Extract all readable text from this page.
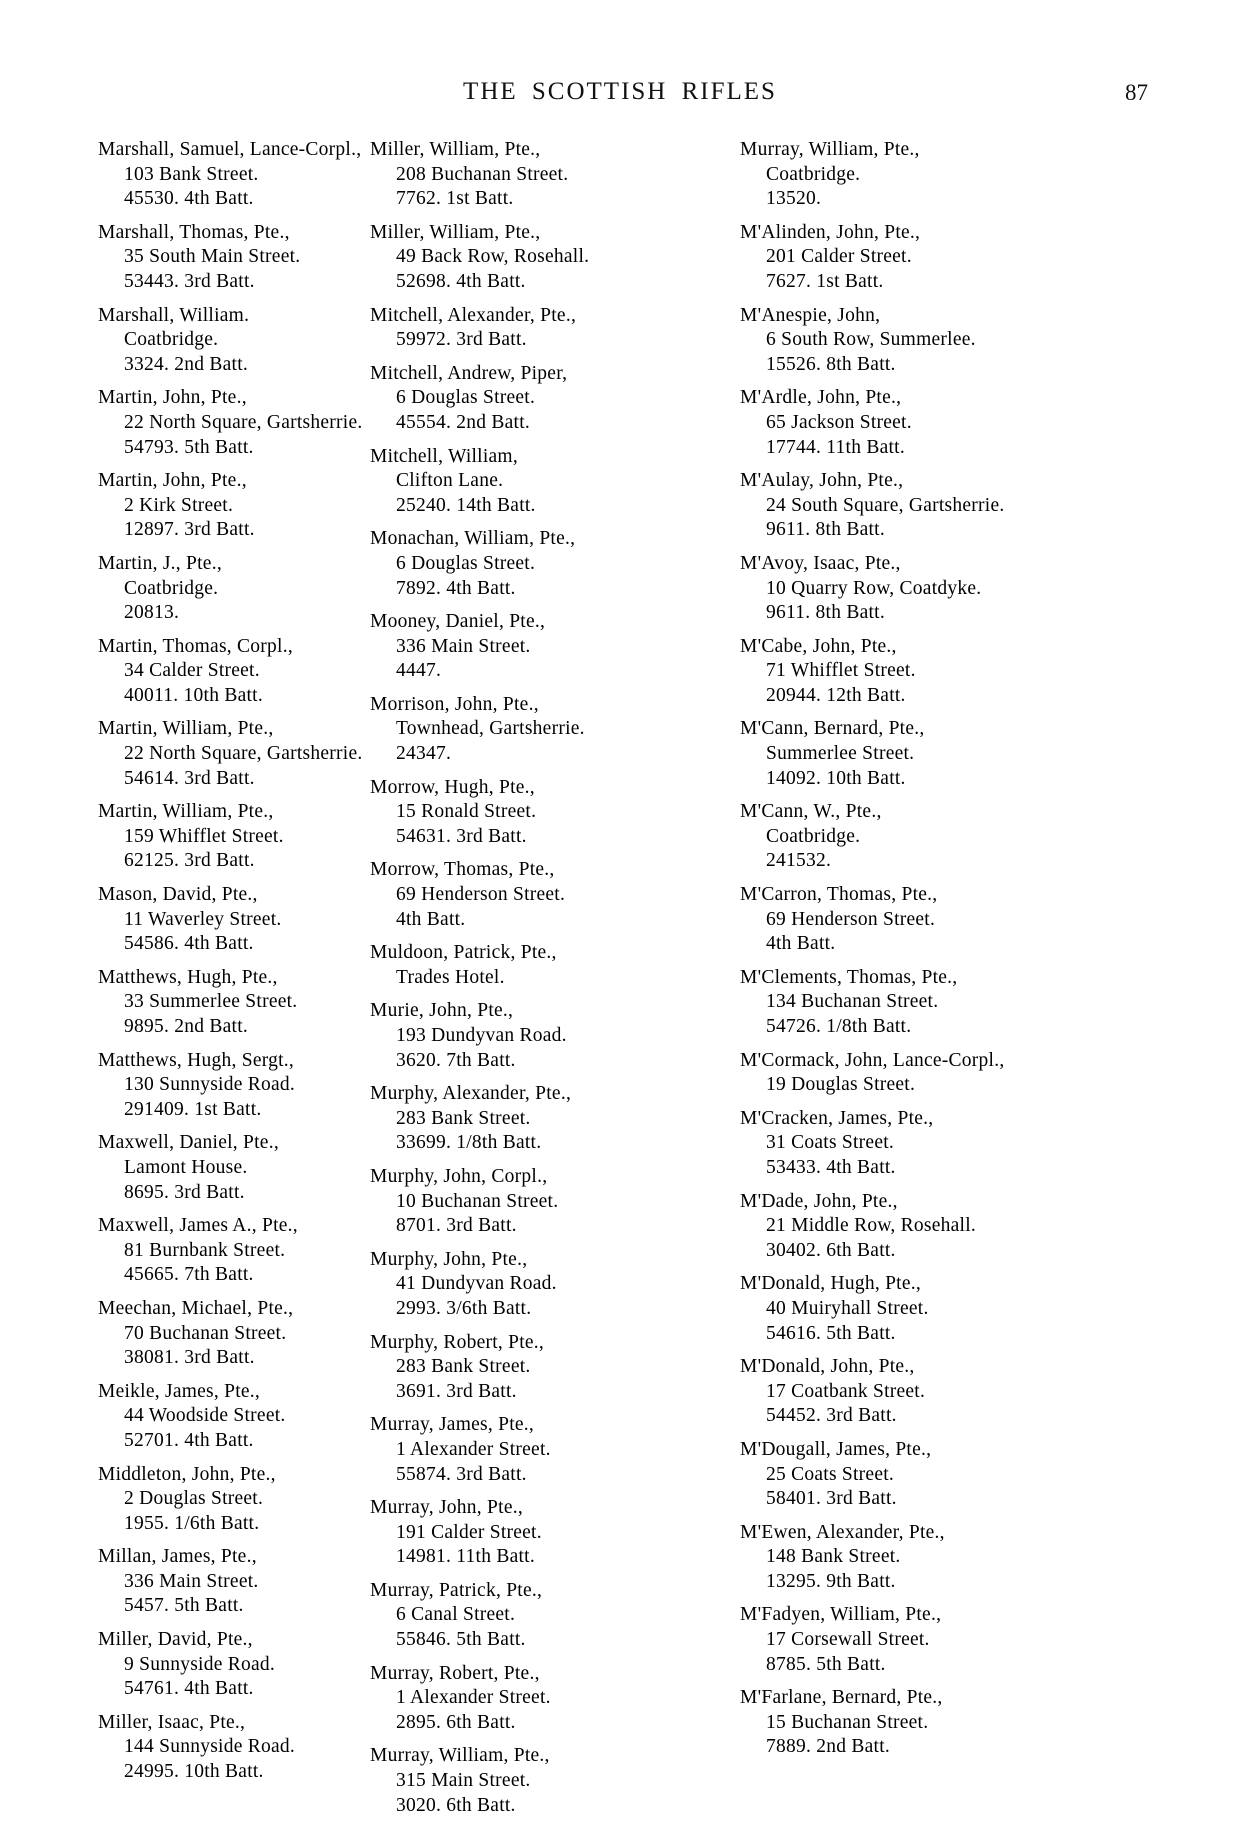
THE SCOTTISH RIFLES	87
Marshall, Samuel, Lance-Corpl.,
103 Bank Street.
45530. 4th Batt.
Marshall, Thomas, Pte.,
35 South Main Street.
53443. 3rd Batt.
Marshall, William.
Coatbridge.
3324. 2nd Batt.
Martin, John, Pte.,
22 North Square, Gartsherrie.
54793. 5th Batt.
Martin, John, Pte.,
2 Kirk Street.
12897. 3rd Batt.
Martin, J., Pte.,
Coatbridge.
20813.
Martin, Thomas, Corpl.,
34 Calder Street.
40011. 10th Batt.
Martin, William, Pte.,
22 North Square, Gartsherrie.
54614. 3rd Batt.
Martin, William, Pte.,
159 Whifflet Street.
62125. 3rd Batt.
Mason, David, Pte.,
11 Waverley Street.
54586. 4th Batt.
Matthews, Hugh, Pte.,
33 Summerlee Street.
9895. 2nd Batt.
Matthews, Hugh, Sergt.,
130 Sunnyside Road.
291409. 1st Batt.
Maxwell, Daniel, Pte.,
Lamont House.
8695. 3rd Batt.
Maxwell, James A., Pte.,
81 Burnbank Street.
45665. 7th Batt.
Meechan, Michael, Pte.,
70 Buchanan Street.
38081. 3rd Batt.
Meikle, James, Pte.,
44 Woodside Street.
52701. 4th Batt.
Middleton, John, Pte.,
2 Douglas Street.
1955. 1/6th Batt.
Millan, James, Pte.,
336 Main Street.
5457. 5th Batt.
Miller, David, Pte.,
9 Sunnyside Road.
54761. 4th Batt.
Miller, Isaac, Pte.,
144 Sunnyside Road.
24995. 10th Batt.
Miller, William, Pte.,
208 Buchanan Street.
7762. 1st Batt.
Miller, William, Pte.,
49 Back Row, Rosehall.
52698. 4th Batt.
Mitchell, Alexander, Pte.,
59972. 3rd Batt.
Mitchell, Andrew, Piper,
6 Douglas Street.
45554. 2nd Batt.
Mitchell, William,
Clifton Lane.
25240. 14th Batt.
Monachan, William, Pte.,
6 Douglas Street.
7892. 4th Batt.
Mooney, Daniel, Pte.,
336 Main Street.
4447.
Morrison, John, Pte.,
Townhead, Gartsherrie.
24347.
Morrow, Hugh, Pte.,
15 Ronald Street.
54631. 3rd Batt.
Morrow, Thomas, Pte.,
69 Henderson Street.
4th Batt.
Muldoon, Patrick, Pte.,
Trades Hotel.
Murie, John, Pte.,
193 Dundyvan Road.
3620. 7th Batt.
Murphy, Alexander, Pte.,
283 Bank Street.
33699. 1/8th Batt.
Murphy, John, Corpl.,
10 Buchanan Street.
8701. 3rd Batt.
Murphy, John, Pte.,
41 Dundyvan Road.
2993. 3/6th Batt.
Murphy, Robert, Pte.,
283 Bank Street.
3691. 3rd Batt.
Murray, James, Pte.,
1 Alexander Street.
55874. 3rd Batt.
Murray, John, Pte.,
191 Calder Street.
14981. 11th Batt.
Murray, Patrick, Pte.,
6 Canal Street.
55846. 5th Batt.
Murray, Robert, Pte.,
1 Alexander Street.
2895. 6th Batt.
Murray, William, Pte.,
315 Main Street.
3020. 6th Batt.
Murray, William, Pte.,
Coatbridge.
13520.
M'Alinden, John, Pte.,
201 Calder Street.
7627. 1st Batt.
M'Anespie, John,
6 South Row, Summerlee.
15526. 8th Batt.
M'Ardle, John, Pte.,
65 Jackson Street.
17744. 11th Batt.
M'Aulay, John, Pte.,
24 South Square, Gartsherrie.
9611. 8th Batt.
M'Avoy, Isaac, Pte.,
10 Quarry Row, Coatdyke.
9611. 8th Batt.
M'Cabe, John, Pte.,
71 Whifflet Street.
20944. 12th Batt.
M'Cann, Bernard, Pte.,
Summerlee Street.
14092. 10th Batt.
M'Cann, W., Pte.,
Coatbridge.
241532.
M'Carron, Thomas, Pte.,
69 Henderson Street.
4th Batt.
M'Clements, Thomas, Pte.,
134 Buchanan Street.
54726. 1/8th Batt.
M'Cormack, John, Lance-Corpl.,
19 Douglas Street.
M'Cracken, James, Pte.,
31 Coats Street.
53433. 4th Batt.
M'Dade, John, Pte.,
21 Middle Row, Rosehall.
30402. 6th Batt.
M'Donald, Hugh, Pte.,
40 Muiryhall Street.
54616. 5th Batt.
M'Donald, John, Pte.,
17 Coatbank Street.
54452. 3rd Batt.
M'Dougall, James, Pte.,
25 Coats Street.
58401. 3rd Batt.
M'Ewen, Alexander, Pte.,
148 Bank Street.
13295. 9th Batt.
M'Fadyen, William, Pte.,
17 Corsewall Street.
8785. 5th Batt.
M'Farlane, Bernard, Pte.,
15 Buchanan Street.
7889. 2nd Batt.
